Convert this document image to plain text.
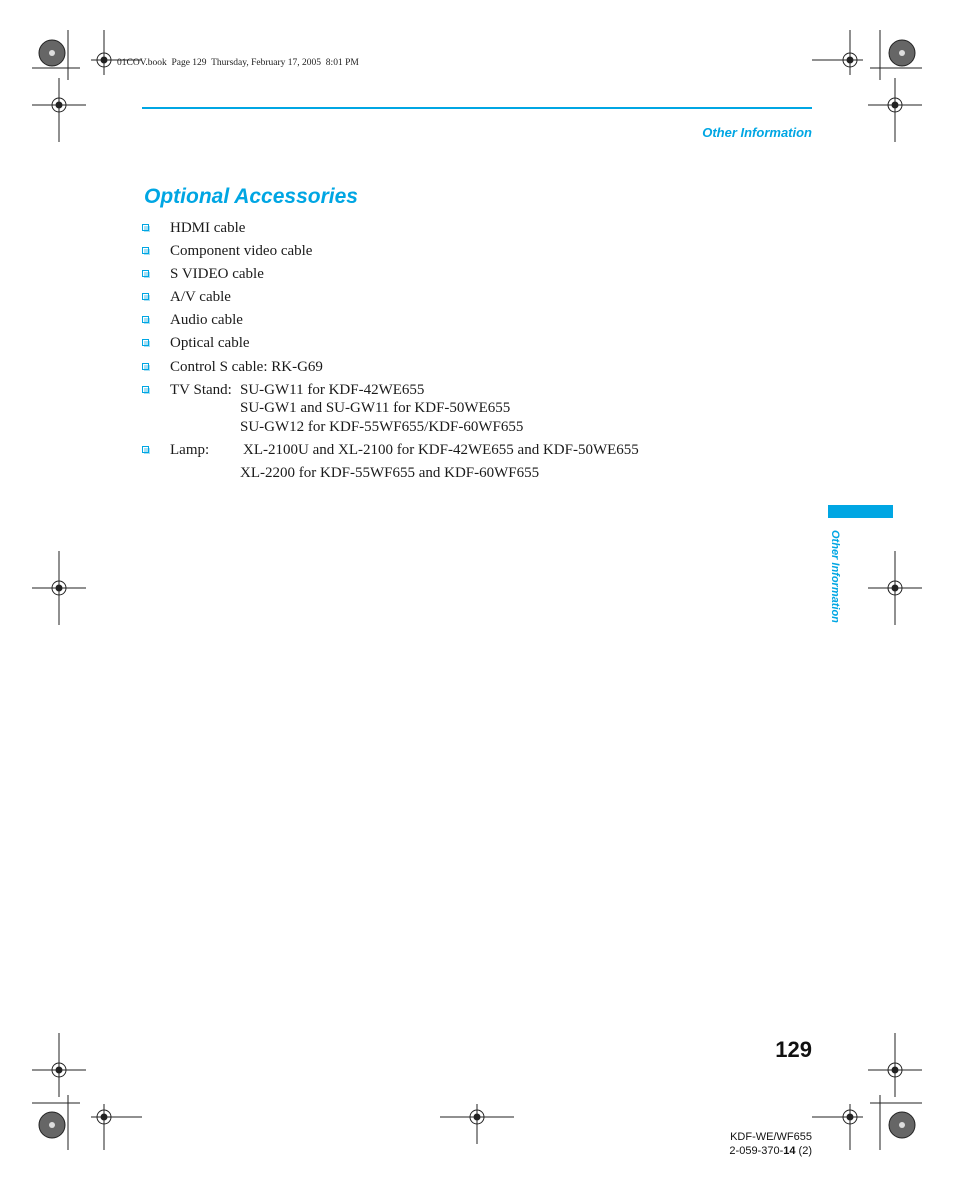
01COV.book  Page 129  Thursday, February 17, 2005  8:01 PM
Other Information
Optional Accessories
HDMI cable
Component video cable
S VIDEO cable
A/V cable
Audio cable
Optical cable
Control S cable: RK-G69
TV Stand: SU-GW11 for KDF-42WE655
SU-GW1 and SU-GW11 for KDF-50WE655
SU-GW12 for KDF-55WF655/KDF-60WF655
Lamp:	XL-2100U and XL-2100 for KDF-42WE655 and KDF-50WE655
XL-2200 for KDF-55WF655 and KDF-60WF655
Other Information
129
KDF-WE/WF655
2-059-370-14 (2)
